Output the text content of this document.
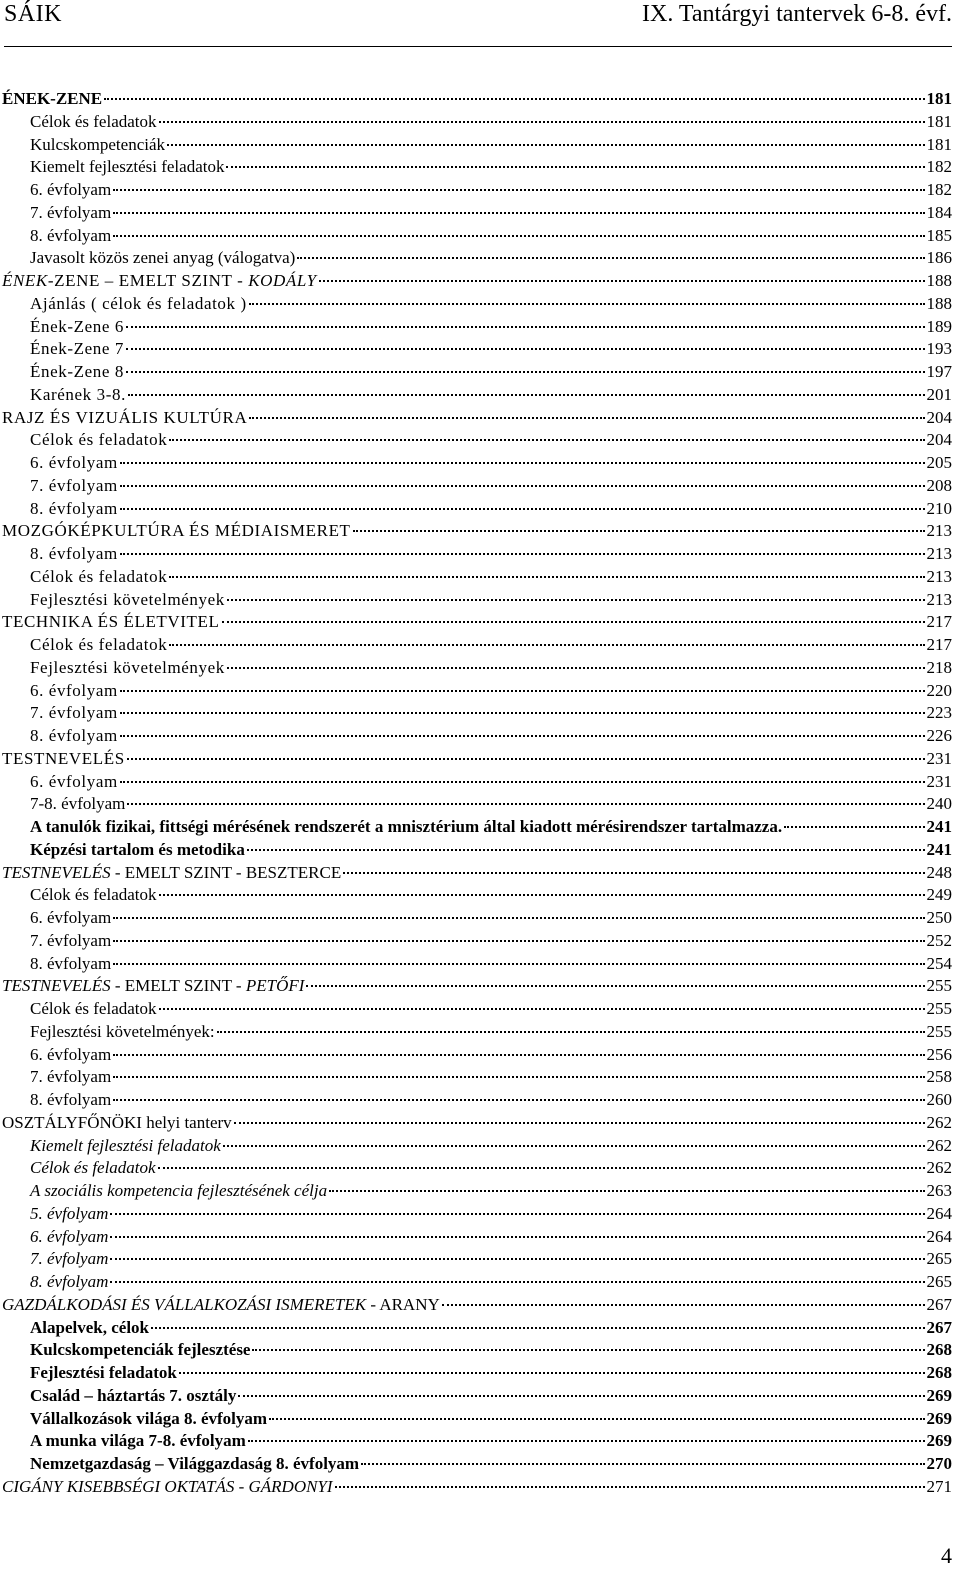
SÁIK	IX. Tantárgyi tantervek 6-8. évf.
ÉNEK-ZENE	181
Célok és feladatok	181
Kulcskompetenciák	181
Kiemelt fejlesztési feladatok	182
6. évfolyam	182
7. évfolyam	184
8. évfolyam	185
Javasolt közös zenei anyag (válogatva)	186
ÉNEK-ZENE – EMELT SZINT - KODÁLY	188
Ajánlás ( célok és feladatok )	188
Ének-Zene 6	189
Ének-Zene 7	193
Ének-Zene 8	197
Karének 3-8.	201
RAJZ ÉS VIZUÁLIS KULTÚRA	204
Célok és feladatok	204
6. évfolyam	205
7. évfolyam	208
8. évfolyam	210
MOZGÓKÉPKULTÚRA ÉS MÉDIAISMERET	213
8. évfolyam	213
Célok és feladatok	213
Fejlesztési követelmények	213
TECHNIKA ÉS ÉLETVITEL	217
Célok és feladatok	217
Fejlesztési követelmények	218
6. évfolyam	220
7. évfolyam	223
8. évfolyam	226
TESTNEVELÉS	231
6. évfolyam	231
7-8. évfolyam	240
A tanulók fizikai, fittségi mérésének rendszerét a mnisztérium által kiadott mérésirendszer tartalmazza.	241
Képzési tartalom és metodika	241
TESTNEVELÉS - EMELT SZINT - BESZTERCE	248
Célok és feladatok	249
6. évfolyam	250
7. évfolyam	252
8. évfolyam	254
TESTNEVELÉS - EMELT SZINT - PETŐFI	255
Célok és feladatok	255
Fejlesztési követelmények:	255
6. évfolyam	256
7. évfolyam	258
8. évfolyam	260
OSZTÁLYFŐNÖKI helyi tanterv	262
Kiemelt fejlesztési feladatok	262
Célok és feladatok	262
A szociális kompetencia fejlesztésének célja	263
5. évfolyam	264
6. évfolyam	264
7. évfolyam	265
8. évfolyam	265
GAZDÁLKODÁSI ÉS VÁLLALKOZÁSI ISMERETEK - ARANY	267
Alapelvek, célok	267
Kulcskompetenciák fejlesztése	268
Fejlesztési feladatok	268
Család – háztartás 7. osztály	269
Vállalkozások világa 8. évfolyam	269
A munka világa 7-8. évfolyam	269
Nemzetgazdaság – Világgazdaság 8. évfolyam	270
CIGÁNY KISEBBSÉGI OKTATÁS - GÁRDONYI	271
4
